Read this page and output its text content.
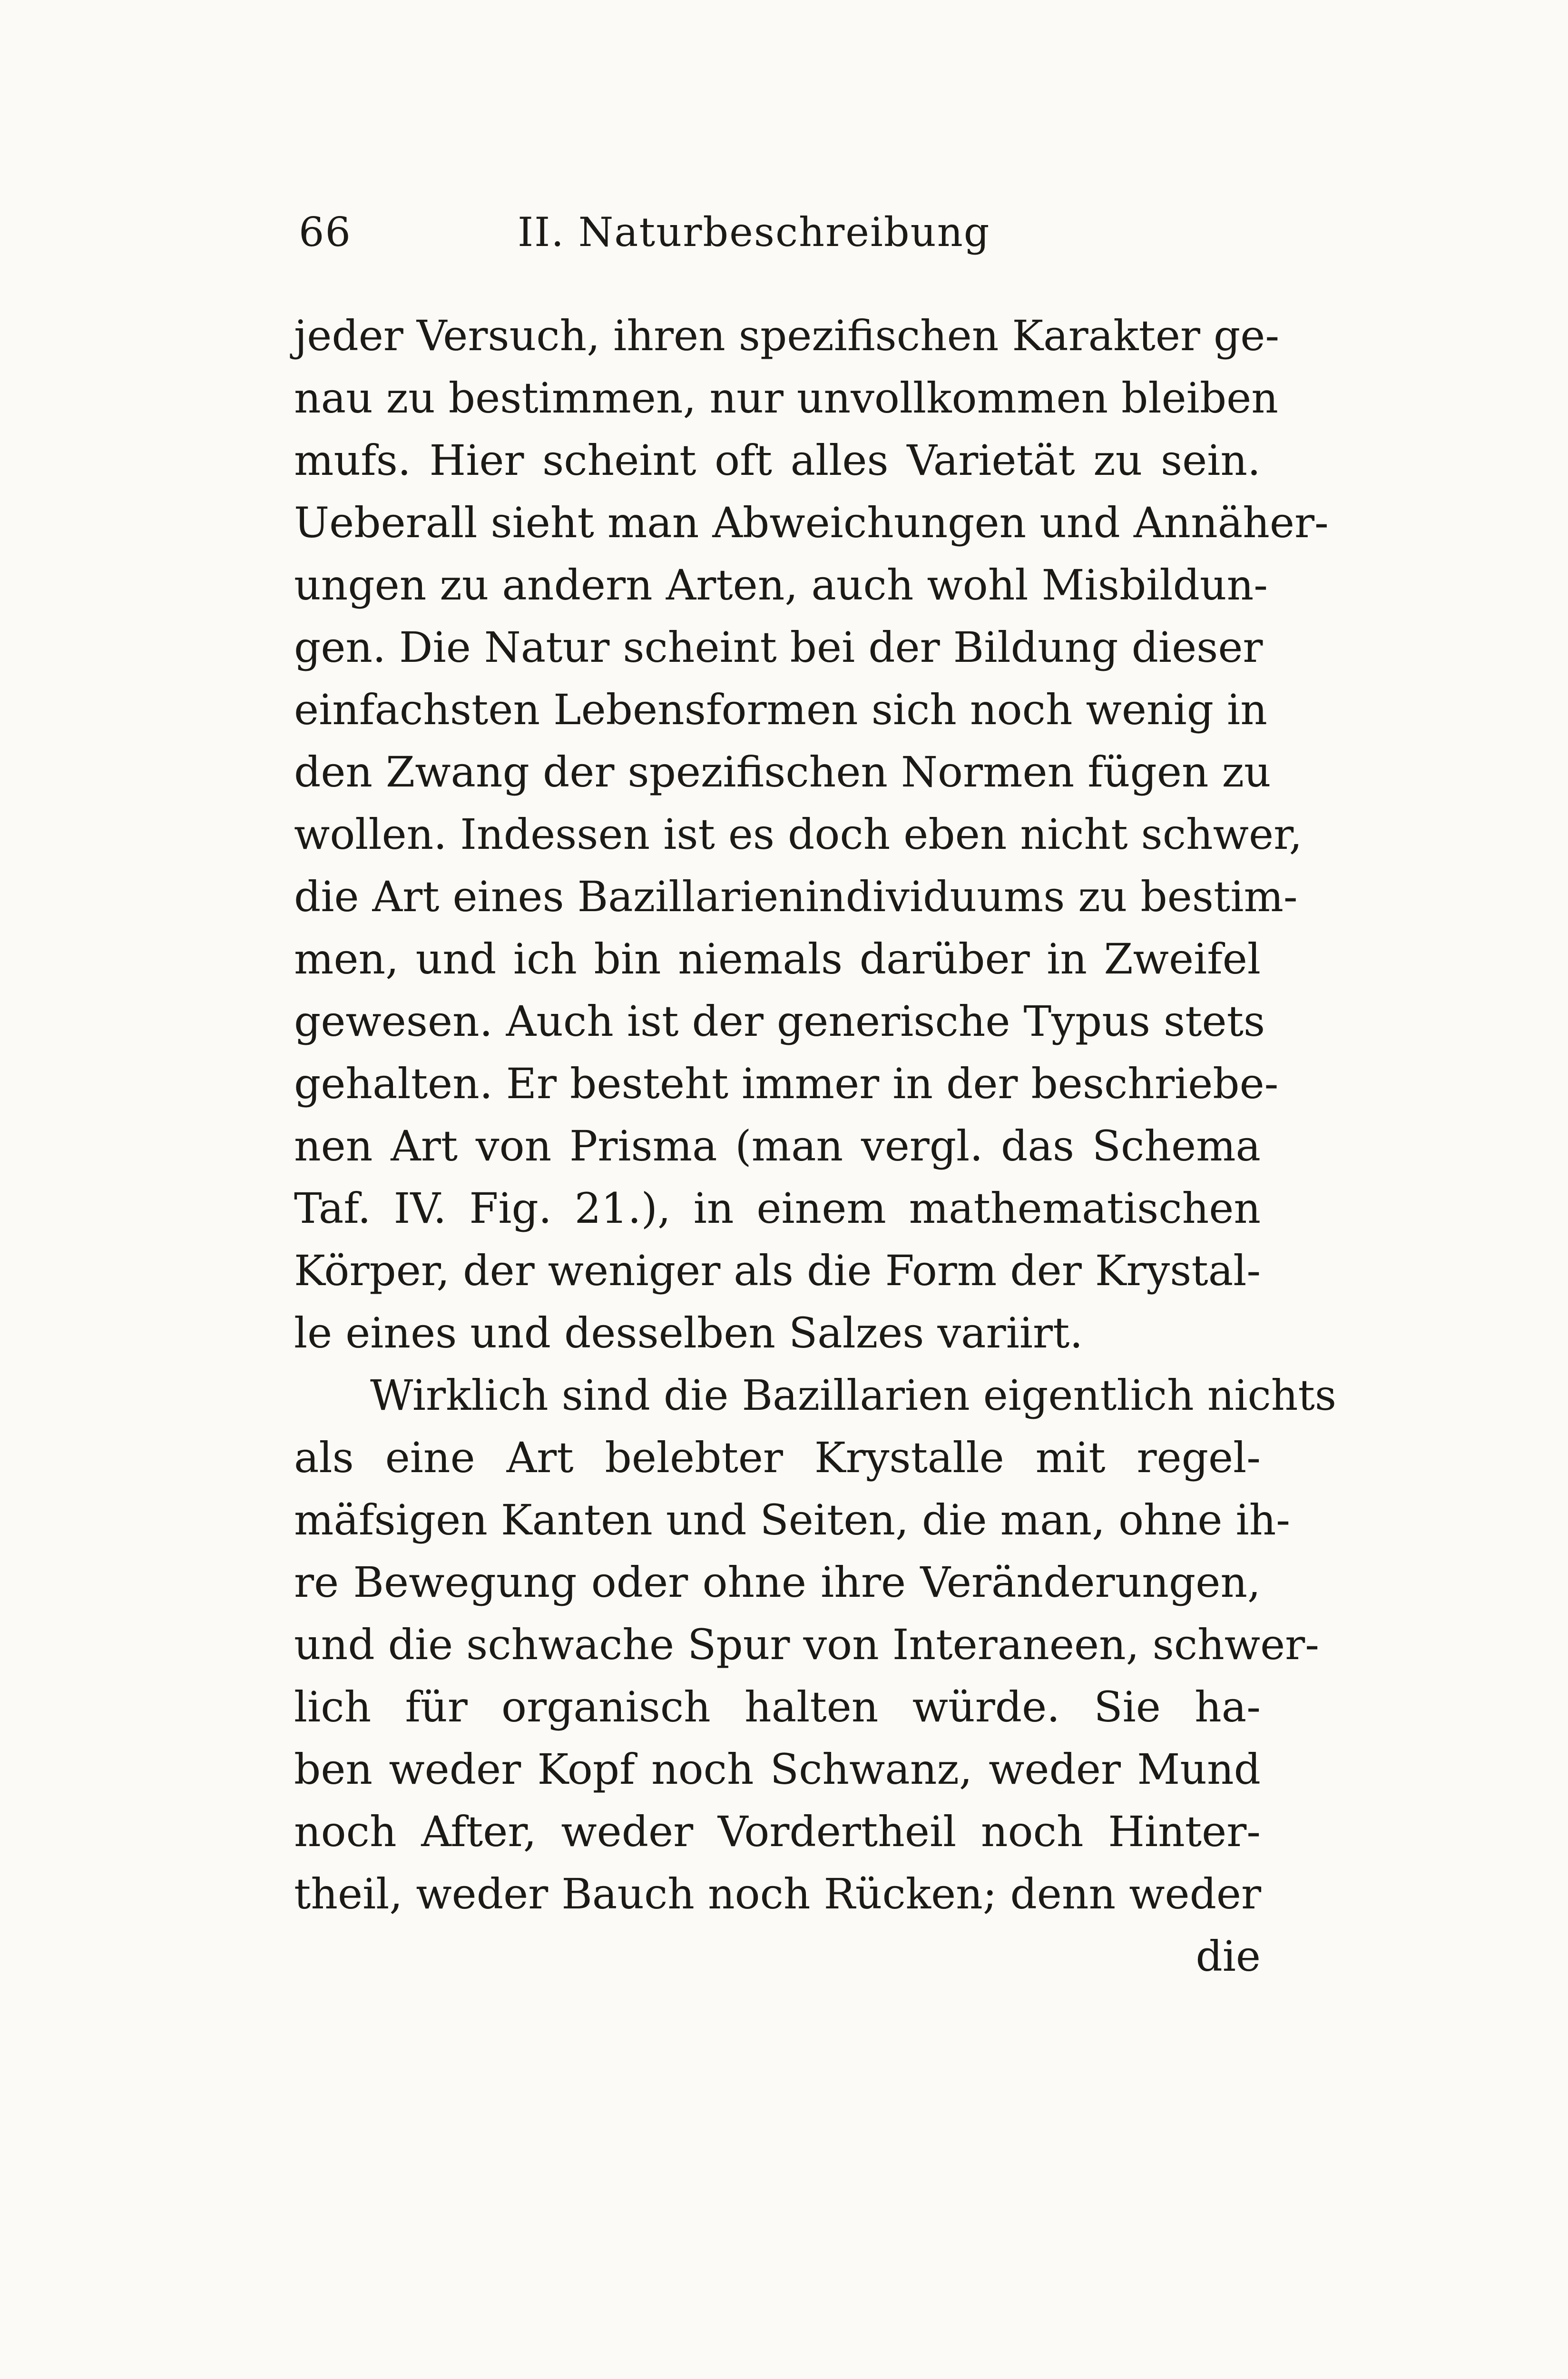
66	II. Naturbeschreibung
jeder Versuch, ihren spezifischen Karakter ge-
nau zu bestimmen, nur unvollkommen bleiben
mufs. Hier scheint oft alles Varietät zu sein.
Ueberall sieht man Abweichungen und Annäher-
ungen zu andern Arten, auch wohl Misbildun-
gen. Die Natur scheint bei der Bildung dieser
einfachsten Lebensformen sich noch wenig in
den Zwang der spezifischen Normen fügen zu
wollen. Indessen ist es doch eben nicht schwer,
die Art eines Bazillarienindividuums zu bestim-
men, und ich bin niemals darüber in Zweifel
gewesen. Auch ist der generische Typus stets
gehalten. Er besteht immer in der beschriebe-
nen Art von Prisma (man vergl. das Schema
Taf. IV. Fig. 21.), in einem mathematischen
Körper, der weniger als die Form der Krystal-
le eines und desselben Salzes variirt.
Wirklich sind die Bazillarien eigentlich nichts
als eine Art belebter Krystalle mit regel-
mäfsigen Kanten und Seiten, die man, ohne ih-
re Bewegung oder ohne ihre Veränderungen,
und die schwache Spur von Interaneen, schwer-
lich für organisch halten würde. Sie ha-
ben weder Kopf noch Schwanz, weder Mund
noch After, weder Vordertheil noch Hinter-
theil, weder Bauch noch Rücken; denn weder
die
